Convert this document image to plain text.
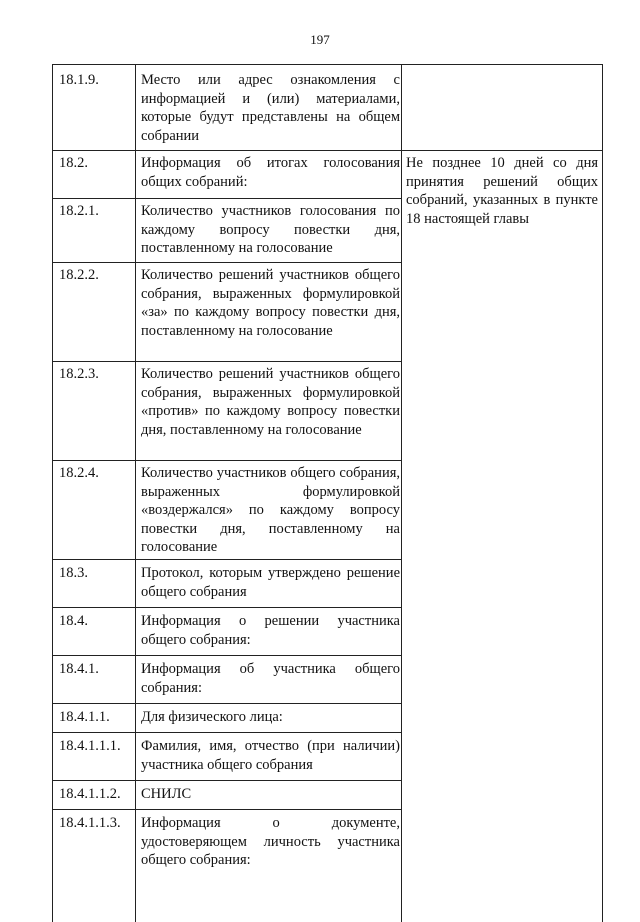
197
18.1.9.	Место или адрес ознакомления с информацией и (или) материалами, которые будут представлены на общем собрании
18.2.	Информация об итогах голосования общих собраний:
18.2.1.	Количество участников голосования по каждому вопросу повестки дня, поставленному на голосование
18.2.2.	Количество решений участников общего собрания, выраженных формулировкой «за» по каждому вопросу повестки дня, поставленному на голосование
18.2.3.	Количество решений участников общего собрания, выраженных формулировкой «против» по каждому вопросу повестки дня, поставленному на голосование
18.2.4.	Количество участников общего собрания, выраженных формулировкой «воздержался» по каждому вопросу повестки дня, поставленному на голосование
18.3.	Протокол, которым утверждено решение общего собрания
18.4.	Информация о решении участника общего собрания:
18.4.1.	Информация об участника общего собрания:
18.4.1.1.	Для физического лица:
18.4.1.1.1.	Фамилия, имя, отчество (при наличии) участника общего собрания
18.4.1.1.2.	СНИЛС
18.4.1.1.3.	Информация о документе, удостоверяющем личность участника общего собрания:
Не позднее 10 дней со дня принятия решений общих собраний, указанных в пункте 18 настоящей главы
